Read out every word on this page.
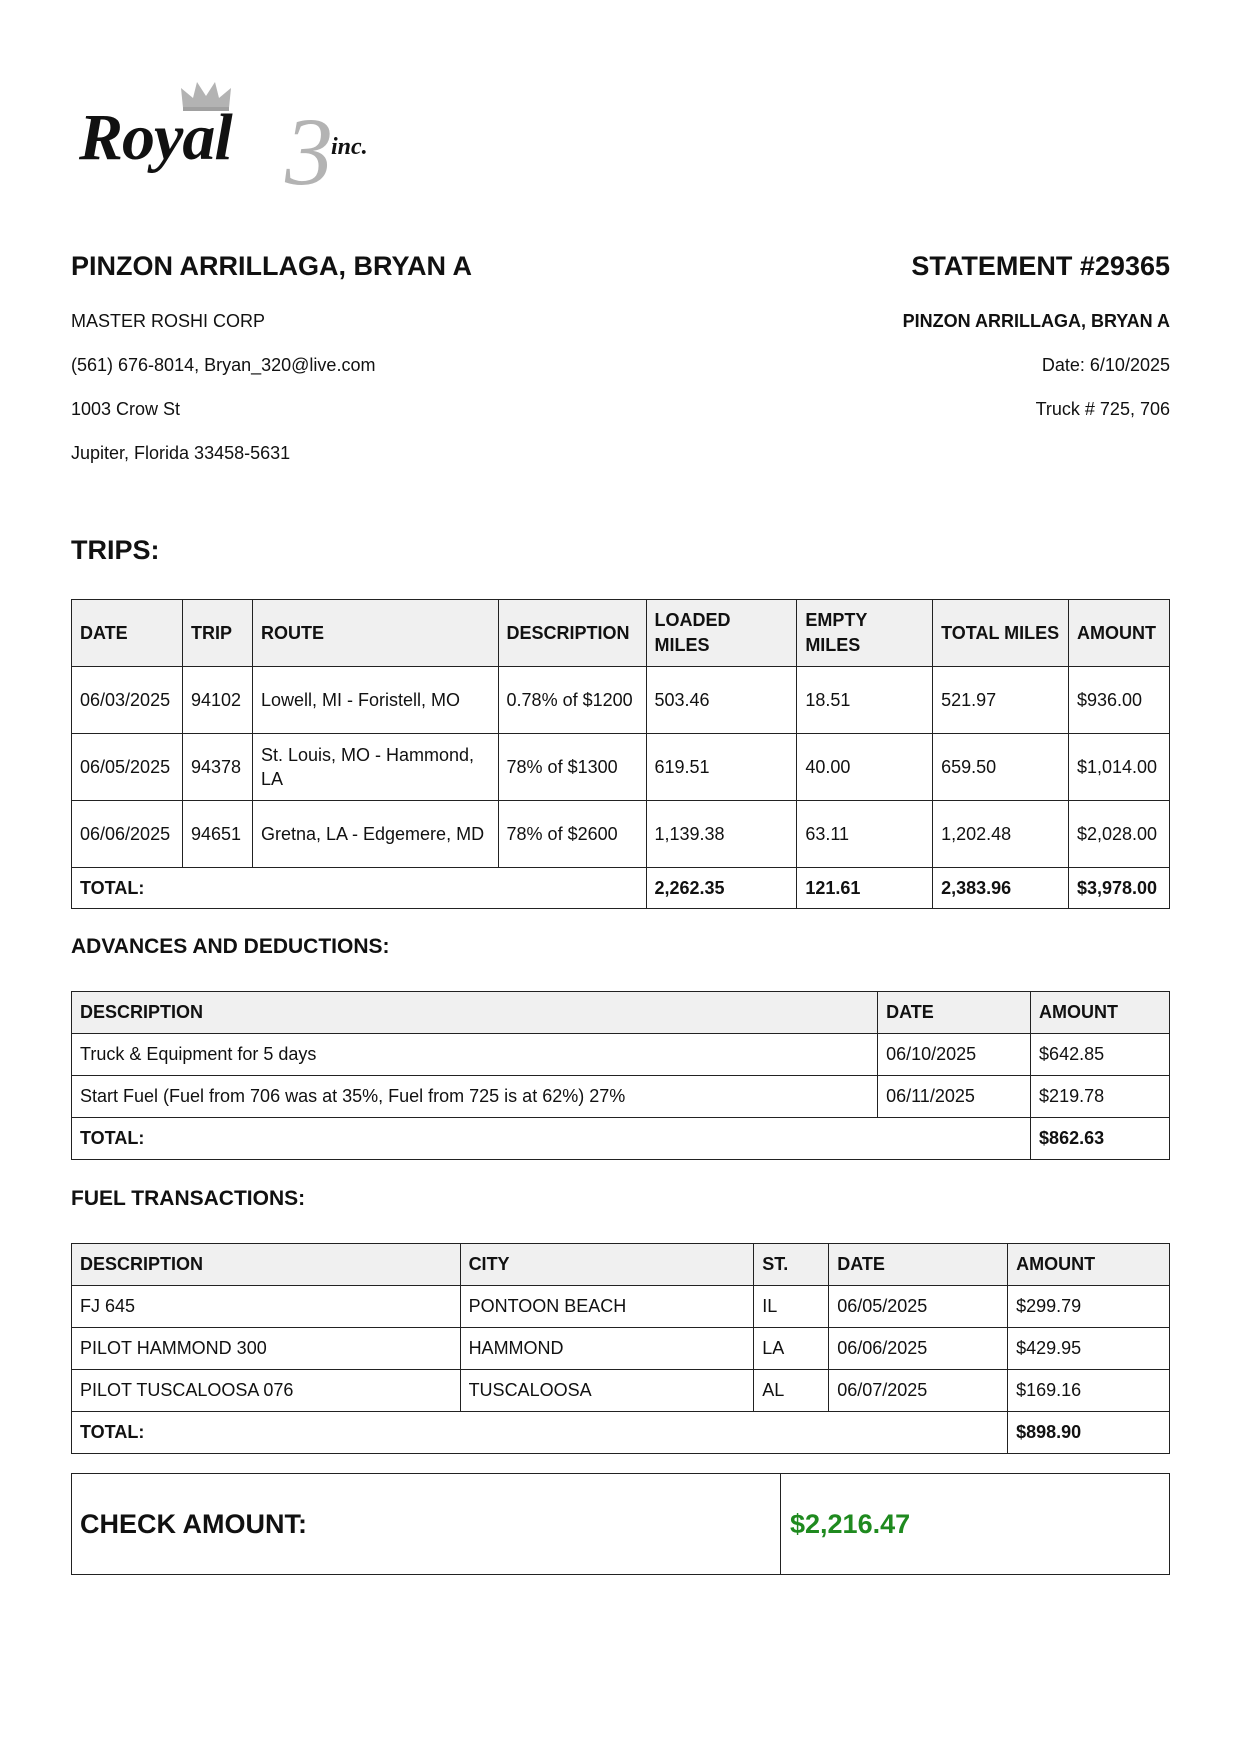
Royal 3
inc.
PINZON ARRILLAGA, BRYAN A
MASTER ROSHI CORP
(561) 676-8014, Bryan_320@live.com
1003 Crow St
Jupiter, Florida 33458-5631
STATEMENT #29365
PINZON ARRILLAGA, BRYAN A
Date: 6/10/2025
Truck # 725, 706
TRIPS:
DATE	TRIP	ROUTE	DESCRIPTION	LOADED MILES	EMPTY MILES	TOTAL MILES	AMOUNT
06/03/2025	94102	Lowell, MI - Foristell, MO	0.78% of $1200	503.46	18.51	521.97	$936.00
06/05/2025	94378	St. Louis, MO - Hammond, LA	78% of $1300	619.51	40.00	659.50	$1,014.00
06/06/2025	94651	Gretna, LA - Edgemere, MD	78% of $2600	1,139.38	63.11	1,202.48	$2,028.00
TOTAL:				2,262.35	121.61	2,383.96	$3,978.00
ADVANCES AND DEDUCTIONS:
DESCRIPTION	DATE	AMOUNT
Truck & Equipment for 5 days	06/10/2025	$642.85
Start Fuel (Fuel from 706 was at 35%, Fuel from 725 is at 62%) 27%	06/11/2025	$219.78
TOTAL:		$862.63
FUEL TRANSACTIONS:
DESCRIPTION	CITY	ST.	DATE	AMOUNT
FJ 645	PONTOON BEACH	IL	06/05/2025	$299.79
PILOT HAMMOND 300	HAMMOND	LA	06/06/2025	$429.95
PILOT TUSCALOOSA 076	TUSCALOOSA	AL	06/07/2025	$169.16
TOTAL:				$898.90
CHECK AMOUNT:	$2,216.47
